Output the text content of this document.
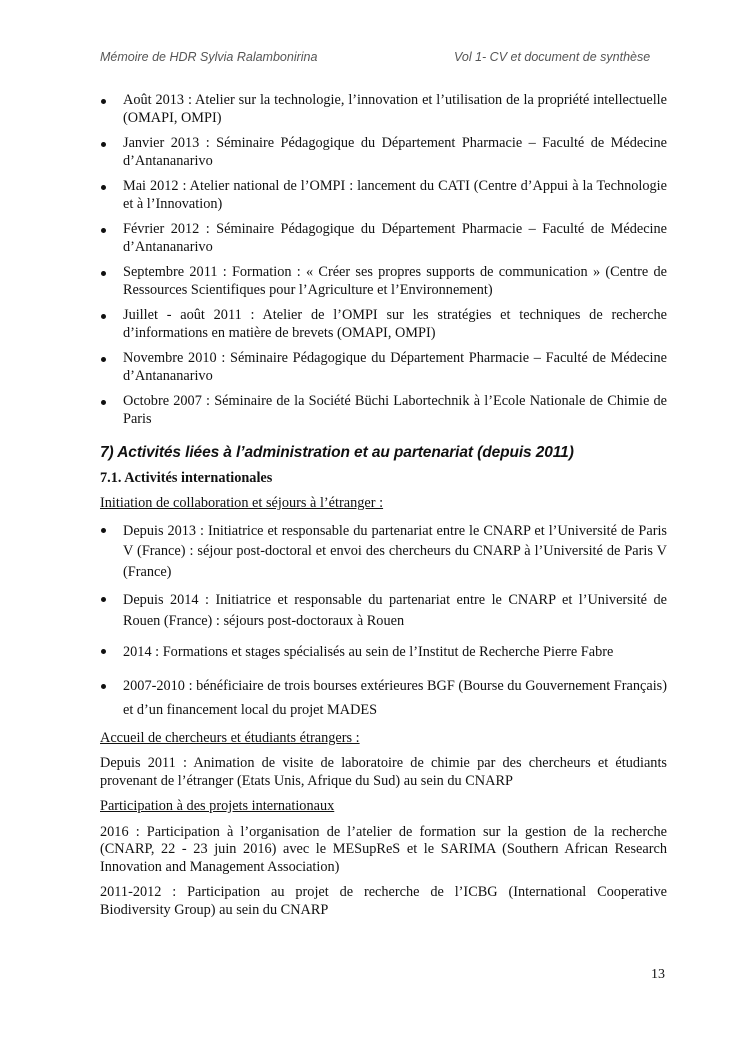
Mémoire de HDR Sylvia Ralambonirina	Vol 1- CV et document de synthèse
Août 2013 : Atelier sur la technologie, l’innovation et l’utilisation de la propriété intellectuelle (OMAPI, OMPI)
Janvier 2013 : Séminaire Pédagogique du Département Pharmacie – Faculté de Médecine d’Antananarivo
Mai 2012 : Atelier national de l’OMPI : lancement du CATI (Centre d’Appui à la Technologie et à l’Innovation)
Février 2012 : Séminaire Pédagogique du Département Pharmacie – Faculté de Médecine d’Antananarivo
Septembre 2011 : Formation : « Créer ses propres supports de communication » (Centre de Ressources Scientifiques pour l’Agriculture et l’Environnement)
Juillet - août 2011 : Atelier de l’OMPI sur les stratégies et techniques de recherche d’informations en matière de brevets (OMAPI, OMPI)
Novembre 2010 : Séminaire Pédagogique du Département Pharmacie – Faculté de Médecine d’Antananarivo
Octobre 2007 : Séminaire de la Société Büchi Labortechnik à l’Ecole Nationale de Chimie de Paris
7) Activités liées à l’administration et au partenariat (depuis 2011)
7.1. Activités internationales
Initiation de collaboration et séjours à l’étranger :
Depuis 2013 : Initiatrice et responsable du partenariat entre le CNARP et l’Université de Paris V (France) : séjour post-doctoral et envoi des chercheurs du CNARP à l’Université de Paris V (France)
Depuis 2014 : Initiatrice et responsable du partenariat entre le CNARP et l’Université de Rouen (France) : séjours post-doctoraux à Rouen
2014 : Formations et stages spécialisés au sein de l’Institut de Recherche Pierre Fabre
2007-2010 : bénéficiaire de trois bourses extérieures BGF (Bourse du Gouvernement Français) et d’un financement local du projet MADES
Accueil de chercheurs et étudiants étrangers :
Depuis 2011 : Animation de visite de laboratoire de chimie par des chercheurs et étudiants provenant de l’étranger (Etats Unis, Afrique du Sud) au sein du CNARP
Participation à des projets internationaux
2016 : Participation à l’organisation de l’atelier de formation sur la gestion de la recherche (CNARP, 22 - 23 juin 2016) avec le MESupReS et le SARIMA (Southern African Research Innovation and Management Association)
2011-2012 : Participation au projet de recherche de l’ICBG (International Cooperative Biodiversity Group) au sein du CNARP
13
